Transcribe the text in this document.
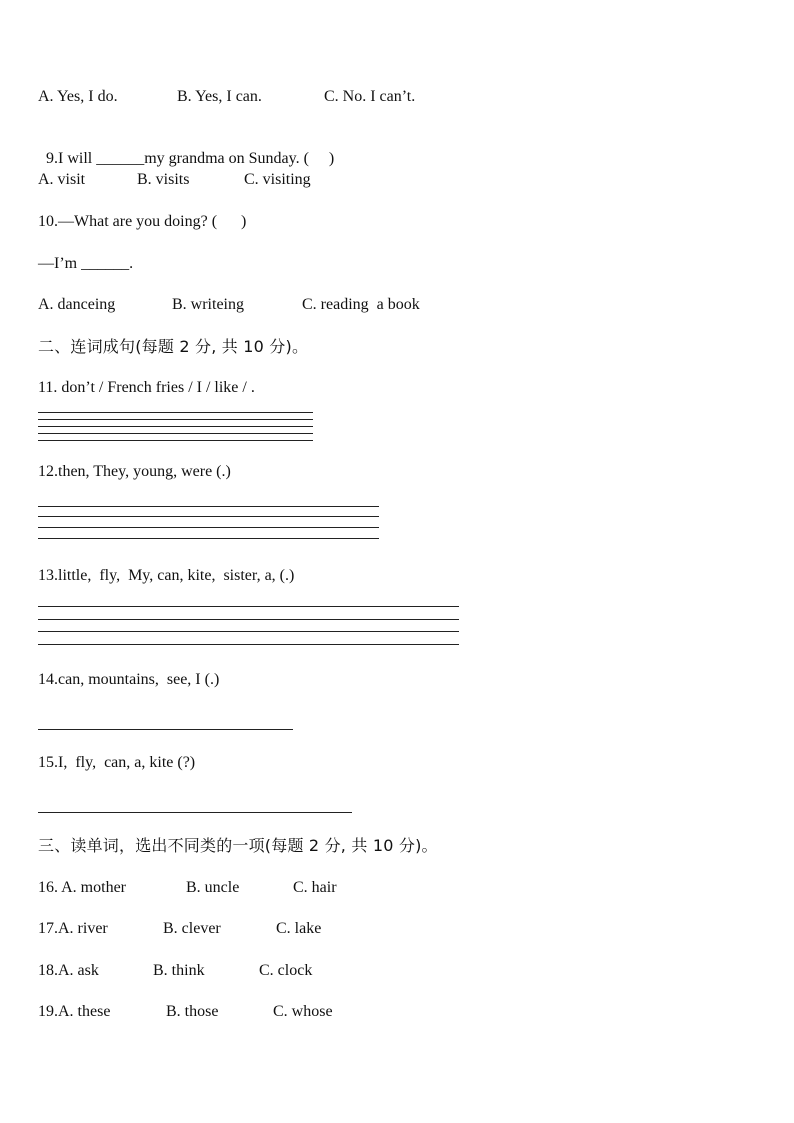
A. Yes, I do.	B. Yes, I can.	C. No. I can’t.

9.I will ______my grandma on Sunday. (     )

A. visit	B. visits	C. visiting
10.—What are you doing? (      )
—I’m ______.
A. danceing	B. writeing	C. reading  a book
二、连词成句(每题 2 分, 共 10 分)。
11. don’t / French fries / I / like / .
12.then, They, young, were (.)
13.little,  fly,  My, can, kite,  sister, a, (.)
14.can, mountains,  see, I (.)
15.I,  fly,  can, a, kite (?)
三、读单词，选出不同类的一项(每题 2 分, 共 10 分)。
16. A. mother	B. uncle	C. hair
17.A. river	B. clever	C. lake
18.A. ask	B. think	C. clock
19.A. these	B. those	C. whose
